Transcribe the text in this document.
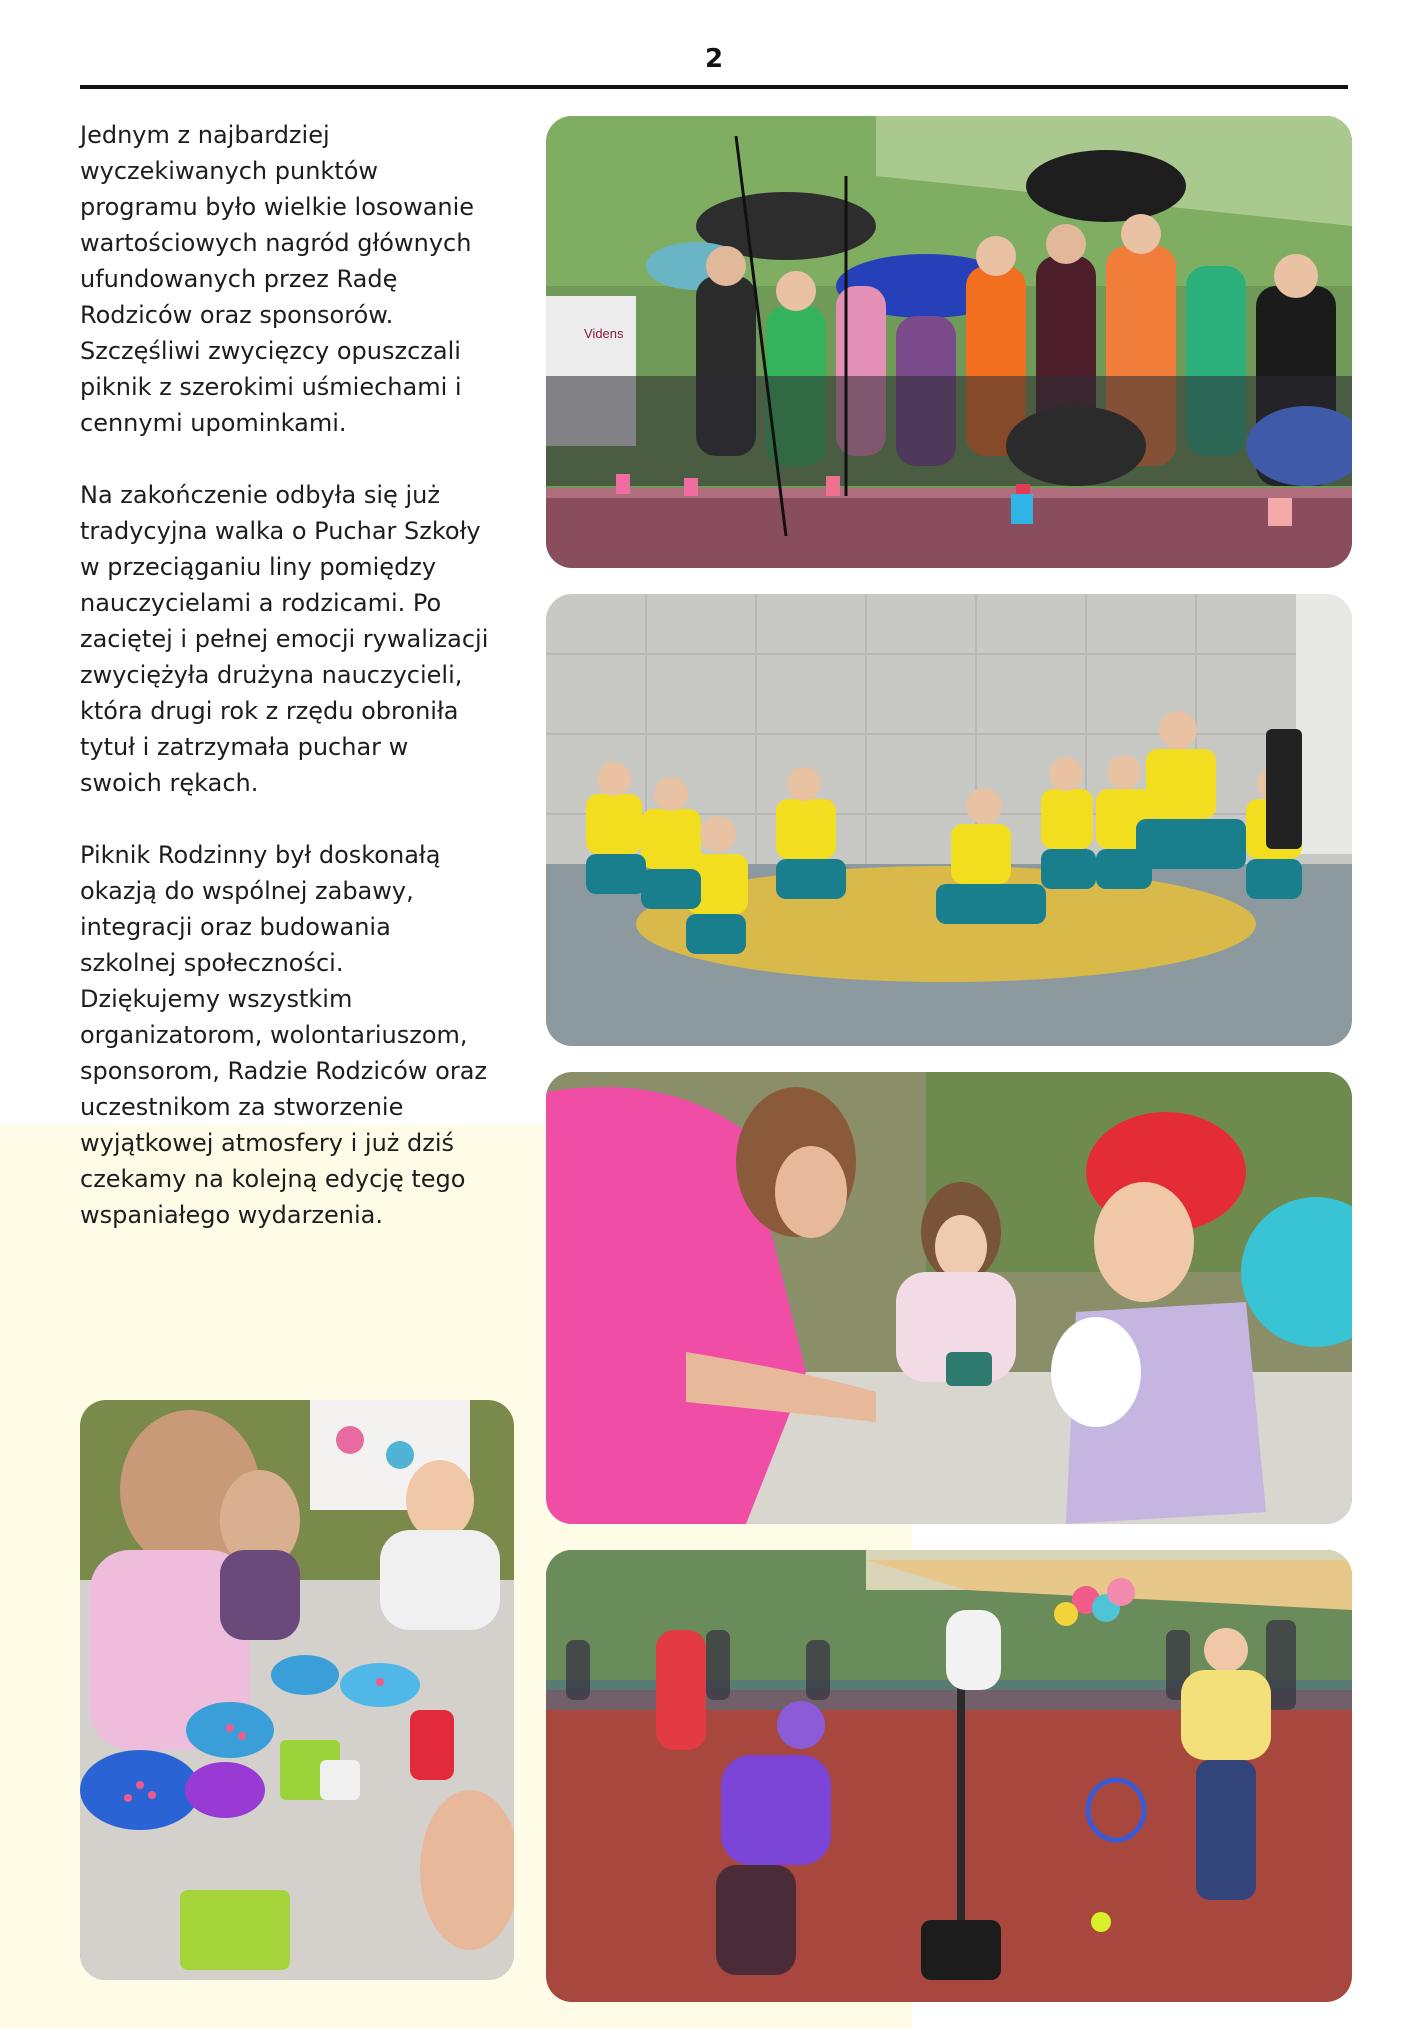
2

Jednym z najbardziej wyczekiwanych punktów programu było wielkie losowanie wartościowych nagród głównych ufundowanych przez Radę Rodziców oraz sponsorów. Szczęśliwi zwycięzcy opuszczali piknik z szerokimi uśmiechami i cennymi upominkami.

Na zakończenie odbyła się już tradycyjna walka o Puchar Szkoły w przeciąganiu liny pomiędzy nauczycielami a rodzicami. Po zaciętej i pełnej emocji rywalizacji zwyciężyła drużyna nauczycieli, która drugi rok z rzędu obroniła tytuł i zatrzymała puchar w swoich rękach.

Piknik Rodzinny był doskonałą okazją do wspólnej zabawy, integracji oraz budowania szkolnej społeczności. Dziękujemy wszystkim organizatorom, wolontariuszom, sponsorom, Radzie Rodziców oraz uczestnikom za stworzenie wyjątkowej atmosfery i już dziś czekamy na kolejną edycję tego wspaniałego wydarzenia.

Videns
